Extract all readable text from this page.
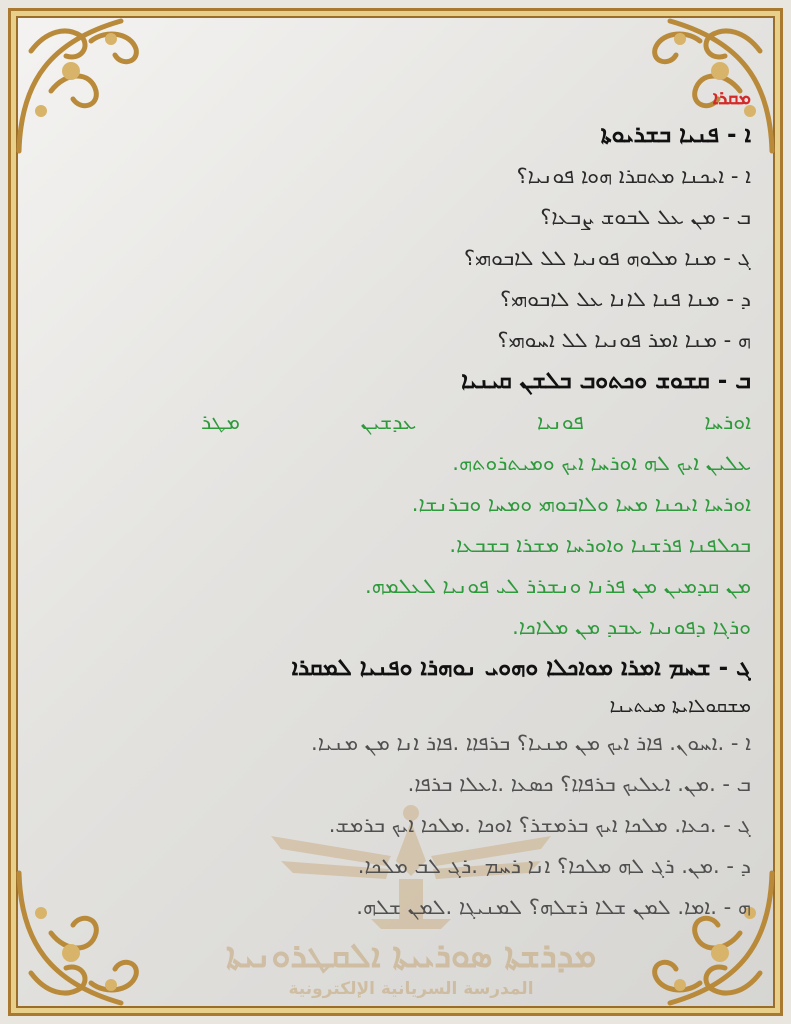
ܡܕܪܫܬܐ ܣܘܪܝܝܬܐ ܐܠܩܛܪܘܢܝܬܐ
المدرسة السريانية الإلكترونية
ܡܩܪܐ
ܐ - ܦܢܝܐ ܒܫܪܝܘܬܐ
ܐ - ܐܝܟܢܐ ܡܬܩܪܐ ܗܘܐ ܦܘܢܝܐ؟
ܒ - ܡܢ ܥܠ ܠܒܘܫ ܨܒܥܐ؟
ܓ - ܡܢܐ ܡܠܘܗ ܦܘܢܝܐ ܠܠ ܠܐܒܘܗܝ؟
ܕ - ܡܢܐ ܦܢܐ ܠܐܢܐ ܥܠ ܠܐܒܘܗܝ؟
ܗ - ܡܢܐ ܐܡܪ ܦܘܢܝܐ ܠܠ ܐܚܘܗܝ؟
ܒ - ܩܫܘܫ ܘܟܬܘܒ ܒܠܫܢ ܩܝܢܝܐ
ܐܘܪܚܐ
ܦܘܢܝܐ
ܥܕܫܝܢ
ܡܛܪ
ܥܠܝܢ ܐܝܟ ܠܗ ܐܘܪܚܐ ܐܝܟ ܘܡܝܬܪܘܬܗ.
ܐܘܪܚܐ ܐܝܟܢܐ ܡܚܐ ܘܠܐܒܘܗܝ ܘܡܚܐ ܘܒܪܢܫܐ.
ܒܟܠܦܢܐ ܦܪܫܢܐ ܘܐܘܪܚܐ ܡܫܪܐ ܒܫܒܥܐ.
ܡܢ ܩܕܡܝܢ ܡܢ ܦܪܢܐ ܘܢܫܪܪ ܠܝ ܦܘܢܝܐ ܠܥܠܡܗ.
ܘܪܓܐ ܕܦܘܢܝܐ ܥܒܕ ܡܢ ܡܠܐܟܐ.
ܓ - ܫܚܡ ܐܡܪܐ ܡܘܐܟܠܐ ܘܗܘܝ ܢܘܗܪܐ ܘܦܢܝܐ ܠܡܩܪܐ
ܡܫܩܘܠܐܝܬܐ ܡܝܬܝܢܐ
ܐ - .ܐܚܘܢ. ܦܐܪ ܐܝܟ ܡܢ ܡܢܝܐ؟ ܒܪܦܐܐ .ܦܐܪ ܐܢܐ ܡܢ ܡܢܝܐ.
ܒ - .ܡܢ. ܐܥܠܝܟ ܒܪܦܐܐ؟ ܟܣܥܐ .ܐܥܠܐ ܒܪܦܐ.
ܓ - .ܟܥܐ. ܡܠܟܐ ܐܝܟ ܒܪܡܫܪ؟ ܐܘܟܐ .ܡܠܟܐ ܐܝܟ ܒܪܡܫ.
ܕ - .ܡܢ. ܪܓ ܠܗ ܡܠܟܐ؟ ܐܢܐ ܪܚܡ .ܪܓ ܠܒ ܡܠܟܐ.
ܗ - .ܐܡܐ. ܠܡܢ ܫܠܐ ܪܫܠܗ؟ ܠܡܢܝܓܐ .ܠܡܢ ܫܠܗ.
